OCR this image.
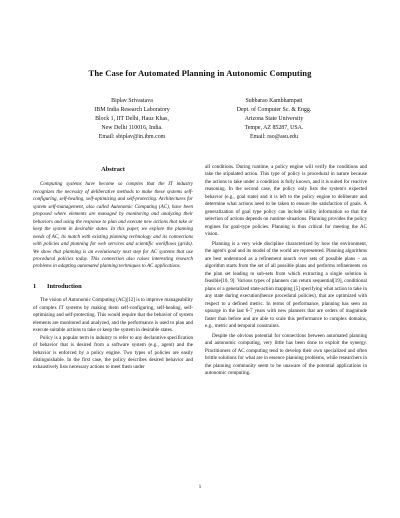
The Case for Automated Planning in Autonomic Computing
Biplav Srivastava
IBM India Research Laboratory
Block 1, IIT Delhi, Hauz Khas,
New Delhi 110016, India.
Email: sbiplav@in.ibm.com
Subbarao Kambhampati
Dept. of Computer Sc. & Engg.
Arizona State University
Tempe, AZ 85287, USA.
Email: rao@asu.edu
Abstract

Computing systems have become so complex that the IT industry recognizes the necessity of deliberative methods to make these systems self-configuring, self-healing, self-optimizing and self-protecting. Architectures for system self-management, also called Autonomic Computing (AC), have been proposed where elements are managed by monitoring and analyzing their behaviors and using the response to plan and execute new actions that take or keep the system in desirable states. In this paper, we explore the planning needs of AC, its match with existing planning technology and its connections with policies and planning for web services and scientific workflows (grids). We show that planning is an evolutionary next step for AC systems that use procedural policies today. This connection also raises interesting research problems in adapting automated planning techniques to AC applications.

1 Introduction

The vision of Autonomic Computing (AC)[12] is to improve manageability of complex IT systems by making them self-configuring, self-healing, self-optimizing and self-protecting. This would require that the behavior of system elements are monitored and analyzed, and the performance is used to plan and execute suitable actions to take or keep the system in desirable states.

Policy is a popular term in industry to refer to any declarative specification of behavior that is desired from a software system (e.g., agent) and the behavior is enforced by a policy engine. Two types of policies are easily distinguishable. In the first case, the policy describes desired behavior and exhaustively lists necessary actions to meet them under

all conditions. During runtime, a policy engine will verify the conditions and take the stipulated action. This type of policy is procedural in nature because the actions to take under a condition is fully known, and it is suited for reactive reasoning. In the second case, the policy only lists the system's expected behavior (e.g., goal state) and it is left to the policy engine to deliberate and determine what actions need to be taken to ensure the satisfaction of goals. A generalization of goal type policy can include utility information so that the selection of actions depends on runtime situations. Planning provides the policy engines for goal-type policies. Planning is thus critical for meeting the AC vision.

Planning is a very wide discipline characterized by how the environment, the agent's goal and its model of the world are represented. Planning algorithms are best understood as a refinement search over sets of possible plans – an algorithm starts from the set of all possible plans and performs refinements on the plan set leading to sub-sets from which extracting a single solution is feasible[10, 9]. Various types of planners can return sequential[19], conditional plans or a generalized state-action mapping [5] specifying what action to take in any state during execution(hence procedural policies), that are optimized with respect to a defined metric. In terms of performance, planning has seen an upsurge in the last 6-7 years with new planners that are orders of magnitude faster than before and are able to scale this performance to complex domains, e.g., metric and temporal constraints.

Despite the obvious potential for connections between automated planning and autonomic computing, very little has been done to exploit the synergy. Practitioners of AC computing tend to develop their own specialized and often brittle solutions for what are in essence planning problems, while researchers in the planning community seem to be unaware of the potential applications in autonomic computing.

1
